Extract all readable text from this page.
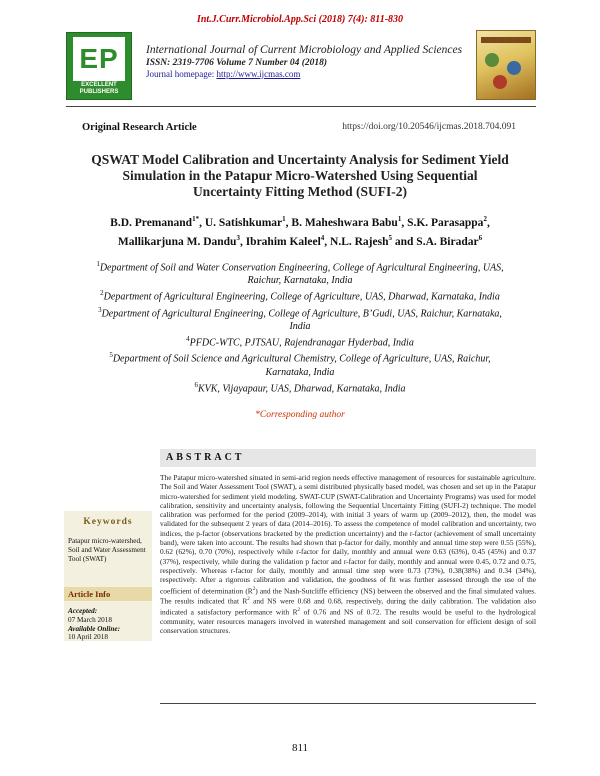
Int.J.Curr.Microbiol.App.Sci (2018) 7(4): 811-830
EP
EXCELLENT PUBLISHERS
International Journal of Current Microbiology and Applied Sciences
ISSN: 2319-7706 Volume 7 Number 04 (2018)
Journal homepage: http://www.ijcmas.com
Original Research Article	https://doi.org/10.20546/ijcmas.2018.704.091
QSWAT Model Calibration and Uncertainty Analysis for Sediment Yield Simulation in the Patapur Micro-Watershed Using Sequential Uncertainty Fitting Method (SUFI-2)
B.D. Premanand$^{1*}$, U. Satishkumar$^1$, B. Maheshwara Babu$^1$, S.K. Parasappa$^2$, Mallikarjuna M. Dandu$^3$, Ibrahim Kaleel$^4$, N.L. Rajesh$^5$ and S.A. Biradar$^6$
$^1$Department of Soil and Water Conservation Engineering, College of Agricultural Engineering, UAS, Raichur, Karnataka, India
$^2$Department of Agricultural Engineering, College of Agriculture, UAS, Dharwad, Karnataka, India
$^3$Department of Agricultural Engineering, College of Agriculture, B’Gudi, UAS, Raichur, Karnataka, India
$^4$PFDC-WTC, PJTSAU, Rajendranagar Hyderbad, India
$^5$Department of Soil Science and Agricultural Chemistry, College of Agriculture, UAS, Raichur, Karnataka, India
$^6$KVK, Vijayapaur, UAS, Dharwad, Karnataka, India
*Corresponding author
ABSTRACT
The Patapur micro-watershed situated in semi-arid region needs effective management of resources for sustainable agriculture. The Soil and Water Assessment Tool (SWAT), a semi distributed physically based model, was chosen and set up in the Patapur micro-watershed for sediment yield modeling. SWAT-CUP (SWAT-Calibration and Uncertainty Programs) was used for model calibration, sensitivity and uncertainty analysis, following the Sequential Uncertainty Fitting (SUFI-2) technique. The model calibration was performed for the period (2009–2014), with initial 3 years of warm up (2009–2012), then, the model was validated for the subsequent 2 years of data (2014–2016). To assess the competence of model calibration and uncertainty, two indices, the p-factor (observations bracketed by the prediction uncertainty) and the r-factor (achievement of small uncertainty band), were taken into account. The results had shown that p-factor for daily, monthly and annual time step were 0.55 (55%), 0.62 (62%), 0.70 (70%), respectively while r-factor for daily, monthly and annual were 0.63 (63%), 0.45 (45%) and 0.37 (37%), respectively, while during the validation p factor and r-factor for daily, monthly and annual were 0.45, 0.72 and 0.75, respectively. Whereas r-factor for daily, monthly and annual time step were 0.73 (73%), 0.38(38%) and 0.34 (34%), respectively. After a rigorous calibration and validation, the goodness of fit was further assessed through the use of the coefficient of determination $(R^2)$ and the Nash-Sutcliffe efficiency (NS) between the observed and the final simulated values. The results indicated that $R^2$ and NS were 0.68 and 0.68, respectively, during the daily calibration. The validation also indicated a satisfactory performance with $R^2$ of 0.76 and NS of 0.72. The results would be useful to the hydrological community, water resources managers involved in watershed management and soil conservation for efficient design of soil conservation structures.
Keywords
Patapur micro-watershed, Soil and Water Assessment Tool (SWAT)
Article Info
Accepted:
07 March 2018
Available Online:
10 April 2018
811
